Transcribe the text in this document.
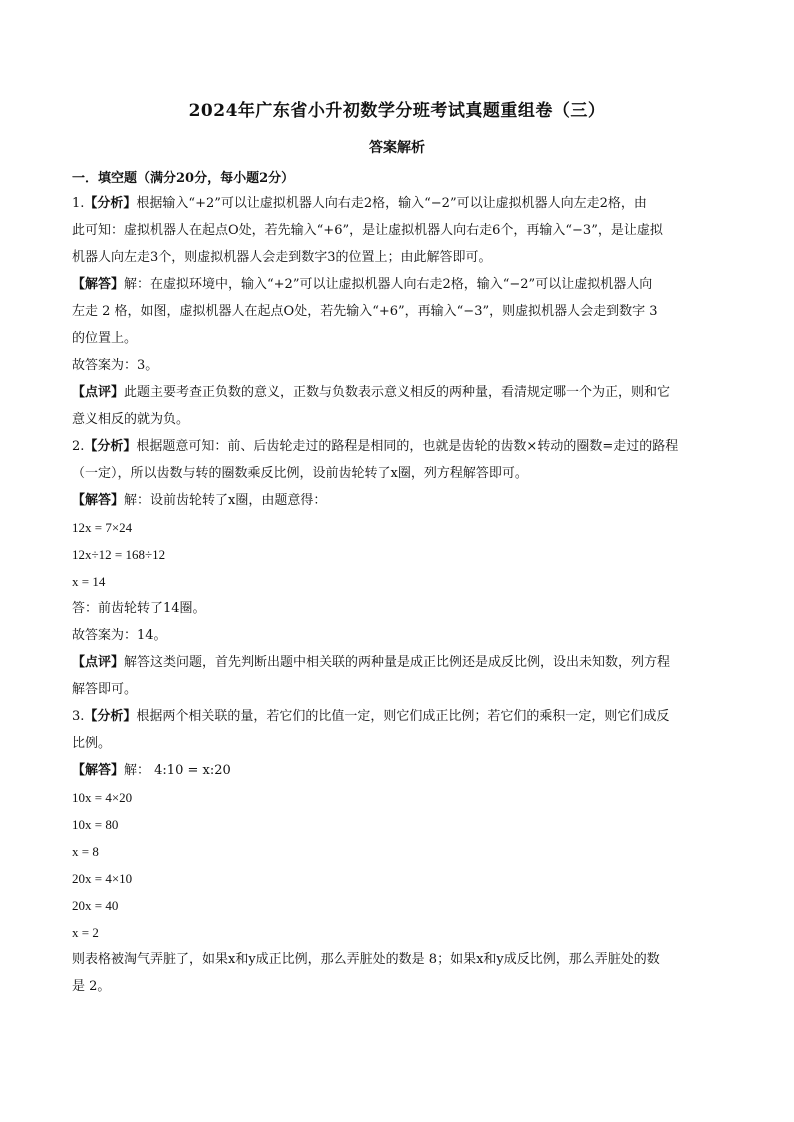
2024年广东省小升初数学分班考试真题重组卷（三）
答案解析
一．填空题（满分20分，每小题2分）

1.【分析】根据输入“+2”可以让虚拟机器人向右走2格，输入“−2”可以让虚拟机器人向左走2格，由

此可知：虚拟机器人在起点O处，若先输入“+6”，是让虚拟机器人向右走6个，再输入“−3”，是让虚拟

机器人向左走3个，则虚拟机器人会走到数字3的位置上；由此解答即可。

【解答】解：在虚拟环境中，输入“+2”可以让虚拟机器人向右走2格，输入“−2”可以让虚拟机器人向

左走 2 格，如图，虚拟机器人在起点O处，若先输入“+6”，再输入“−3”，则虚拟机器人会走到数字 3

的位置上。

故答案为：3。

【点评】此题主要考查正负数的意义，正数与负数表示意义相反的两种量，看清规定哪一个为正，则和它

意义相反的就为负。

2.【分析】根据题意可知：前、后齿轮走过的路程是相同的，也就是齿轮的齿数×转动的圈数=走过的路程

（一定），所以齿数与转的圈数乘反比例，设前齿轮转了x圈，列方程解答即可。

【解答】解：设前齿轮转了x圈，由题意得：

12x = 7×24

12x÷12 = 168÷12

x = 14

答：前齿轮转了14圈。

故答案为：14。

【点评】解答这类问题，首先判断出题中相关联的两种量是成正比例还是成反比例，设出未知数，列方程

解答即可。

3.【分析】根据两个相关联的量，若它们的比值一定，则它们成正比例；若它们的乘积一定，则它们成反

比例。

【解答】解： 4:10 = x:20

10x = 4×20

10x = 80

x = 8

20x = 4×10

20x = 40

x = 2

则表格被淘气弄脏了，如果x和y成正比例，那么弄脏处的数是 8；如果x和y成反比例，那么弄脏处的数

是 2。
